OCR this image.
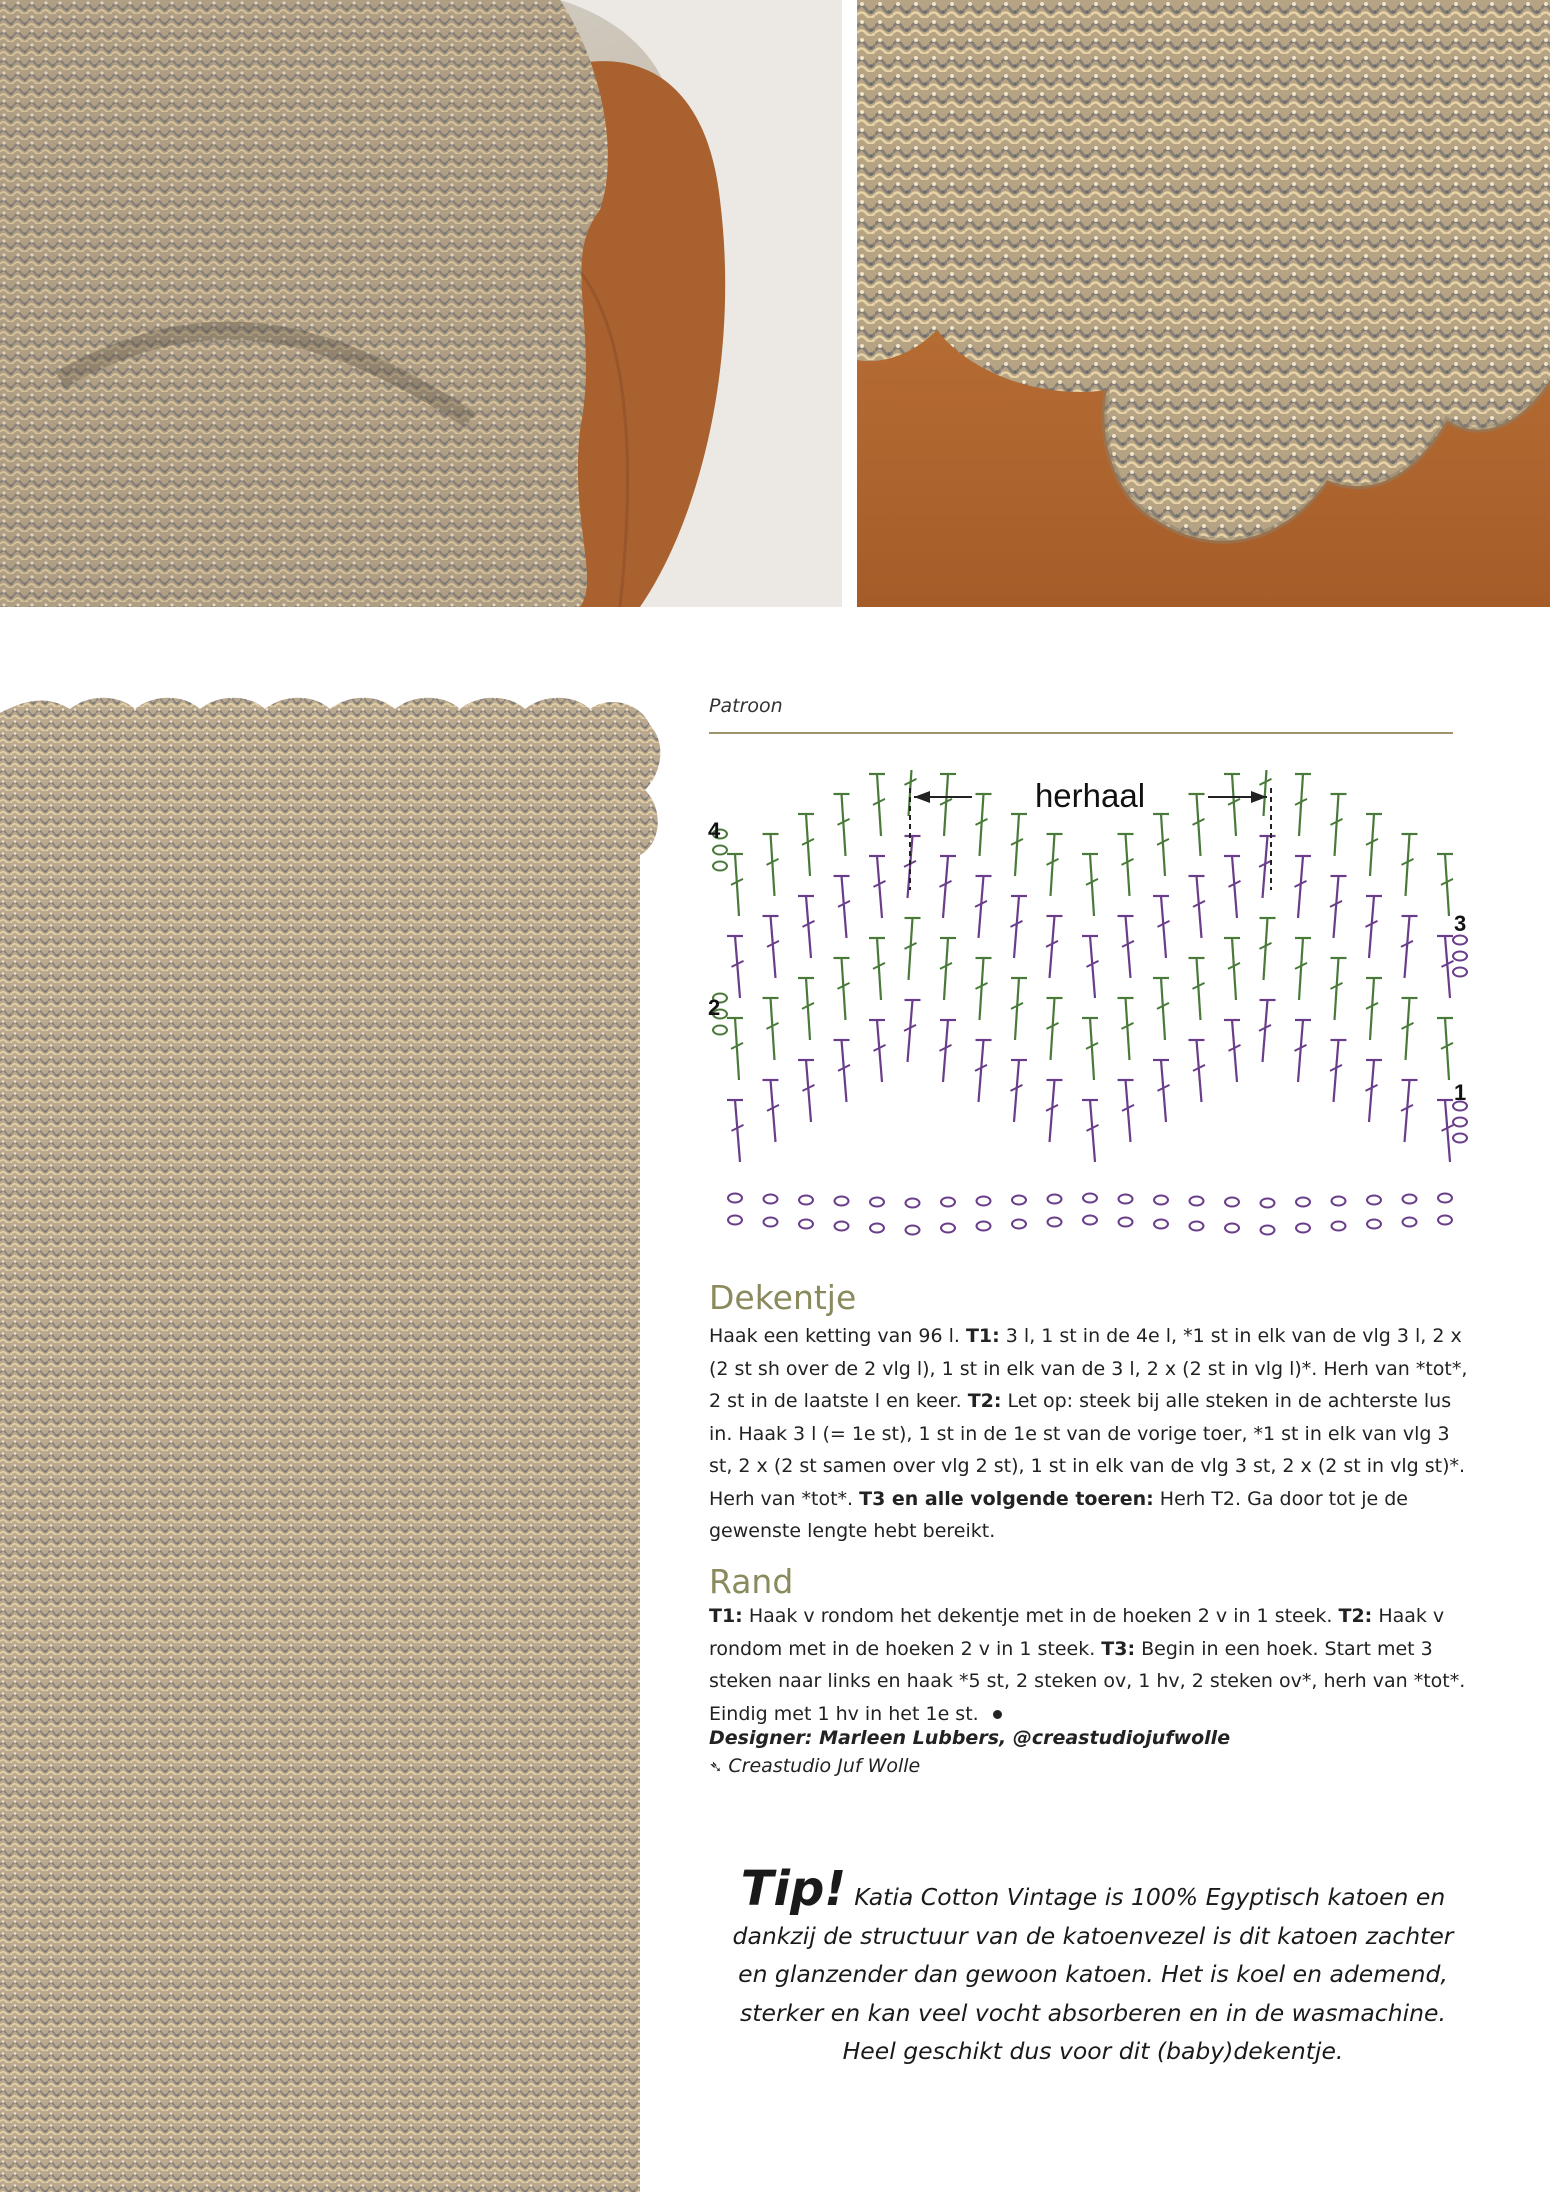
Patroon
herhaal
4
3
2
1
Dekentje
Haak een ketting van 96 l. T1: 3 l, 1 st in de 4e l, *1 st in elk van de vlg 3 l, 2 x (2 st sh over de 2 vlg l), 1 st in elk van de 3 l, 2 x (2 st in vlg l)*. Herh van *tot*, 2 st in de laatste l en keer. T2: Let op: steek bij alle steken in de achterste lus in. Haak 3 l (= 1e st), 1 st in de 1e st van de vorige toer, *1 st in elk van vlg 3 st, 2 x (2 st samen over vlg 2 st), 1 st in elk van de vlg 3 st, 2 x (2 st in vlg st)*. Herh van *tot*. T3 en alle volgende toeren: Herh T2. Ga door tot je de gewenste lengte hebt bereikt.
Rand
T1: Haak v rondom het dekentje met in de hoeken 2 v in 1 steek. T2: Haak v rondom met in de hoeken 2 v in 1 steek. T3: Begin in een hoek. Start met 3 steken naar links en haak *5 st, 2 steken ov, 1 hv, 2 steken ov*, herh van *tot*. Eindig met 1 hv in het 1e st.
Designer: Marleen Lubbers, @creastudiojufwolle
➴ Creastudio Juf Wolle
Tip! Katia Cotton Vintage is 100% Egyptisch katoen en dankzij de structuur van de katoenvezel is dit katoen zachter en glanzender dan gewoon katoen. Het is koel en ademend, sterker en kan veel vocht absorberen en in de wasmachine. Heel geschikt dus voor dit (baby)dekentje.
